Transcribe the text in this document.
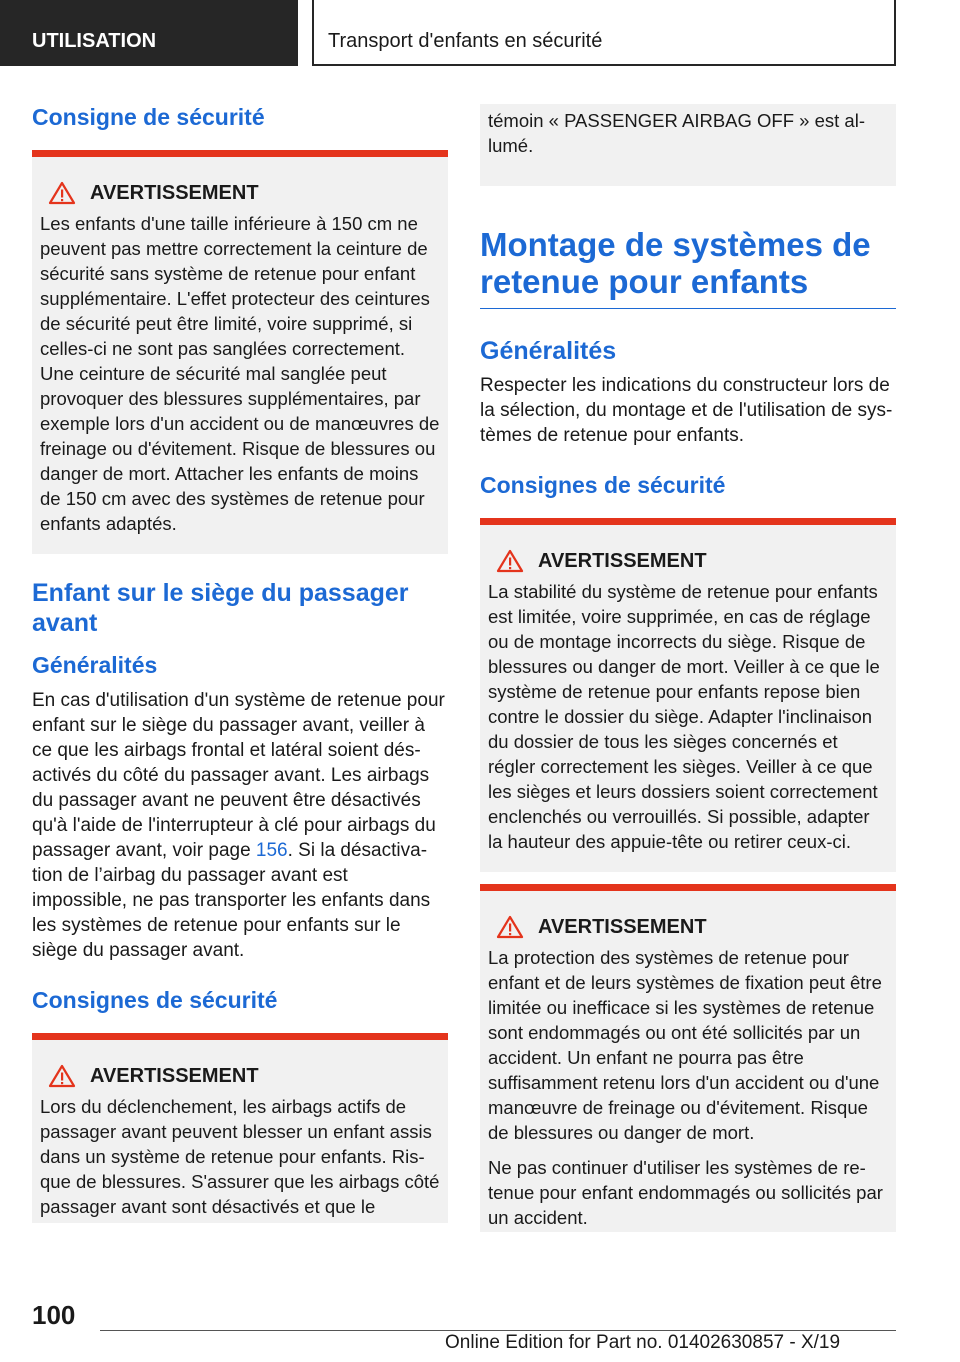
UTILISATION	Transport d'enfants en sécurité
Consigne de sécurité
AVERTISSEMENT

Les enfants d'une taille inférieure à 150 cm ne peuvent pas mettre correctement la ceinture de sécurité sans système de retenue pour enfant supplémentaire. L'effet protecteur des ceintures de sécurité peut être limité, voire supprimé, si celles-ci ne sont pas sanglées correctement. Une ceinture de sécurité mal sanglée peut provoquer des blessures supplémentaires, par exemple lors d'un accident ou de manœuvres de freinage ou d'évitement. Risque de blessures ou danger de mort. Attacher les enfants de moins de 150 cm avec des systèmes de retenue pour enfants adaptés.

Enfant sur le siège du passager avant
Généralités

En cas d'utilisation d'un système de retenue pour enfant sur le siège du passager avant, veiller à ce que les airbags frontal et latéral soient désactivés du côté du passager avant. Les airbags du passager avant ne peuvent être désactivés qu'à l'aide de l'interrupteur à clé pour airbags du passager avant, voir page 156. Si la désactivation de l’airbag du passager avant est impossible, ne pas transporter les enfants dans les systèmes de retenue pour enfants sur le siège du passager avant.

Consignes de sécurité
AVERTISSEMENT

Lors du déclenchement, les airbags actifs de passager avant peuvent blesser un enfant assis dans un système de retenue pour enfants. Risque de blessures. S'assurer que les airbags côté passager avant sont désactivés et que le

témoin « PASSENGER AIRBAG OFF » est allumé.

Montage de systèmes de retenue pour enfants
Généralités

Respecter les indications du constructeur lors de la sélection, du montage et de l'utilisation de systèmes de retenue pour enfants.

Consignes de sécurité
AVERTISSEMENT

La stabilité du système de retenue pour enfants est limitée, voire supprimée, en cas de réglage ou de montage incorrects du siège. Risque de blessures ou danger de mort. Veiller à ce que le système de retenue pour enfants repose bien contre le dossier du siège. Adapter l'inclinaison du dossier de tous les sièges concernés et régler correctement les sièges. Veiller à ce que les sièges et leurs dossiers soient correctement enclenchés ou verrouillés. Si possible, adapter la hauteur des appuie-tête ou retirer ceux-ci.

AVERTISSEMENT

La protection des systèmes de retenue pour enfant et de leurs systèmes de fixation peut être limitée ou inefficace si les systèmes de retenue sont endommagés ou ont été sollicités par un accident. Un enfant ne pourra pas être suffisamment retenu lors d'un accident ou d'une manœuvre de freinage ou d'évitement. Risque de blessures ou danger de mort.

Ne pas continuer d'utiliser les systèmes de retenue pour enfant endommagés ou sollicités par un accident.

100
Online Edition for Part no. 01402630857 - X/19
